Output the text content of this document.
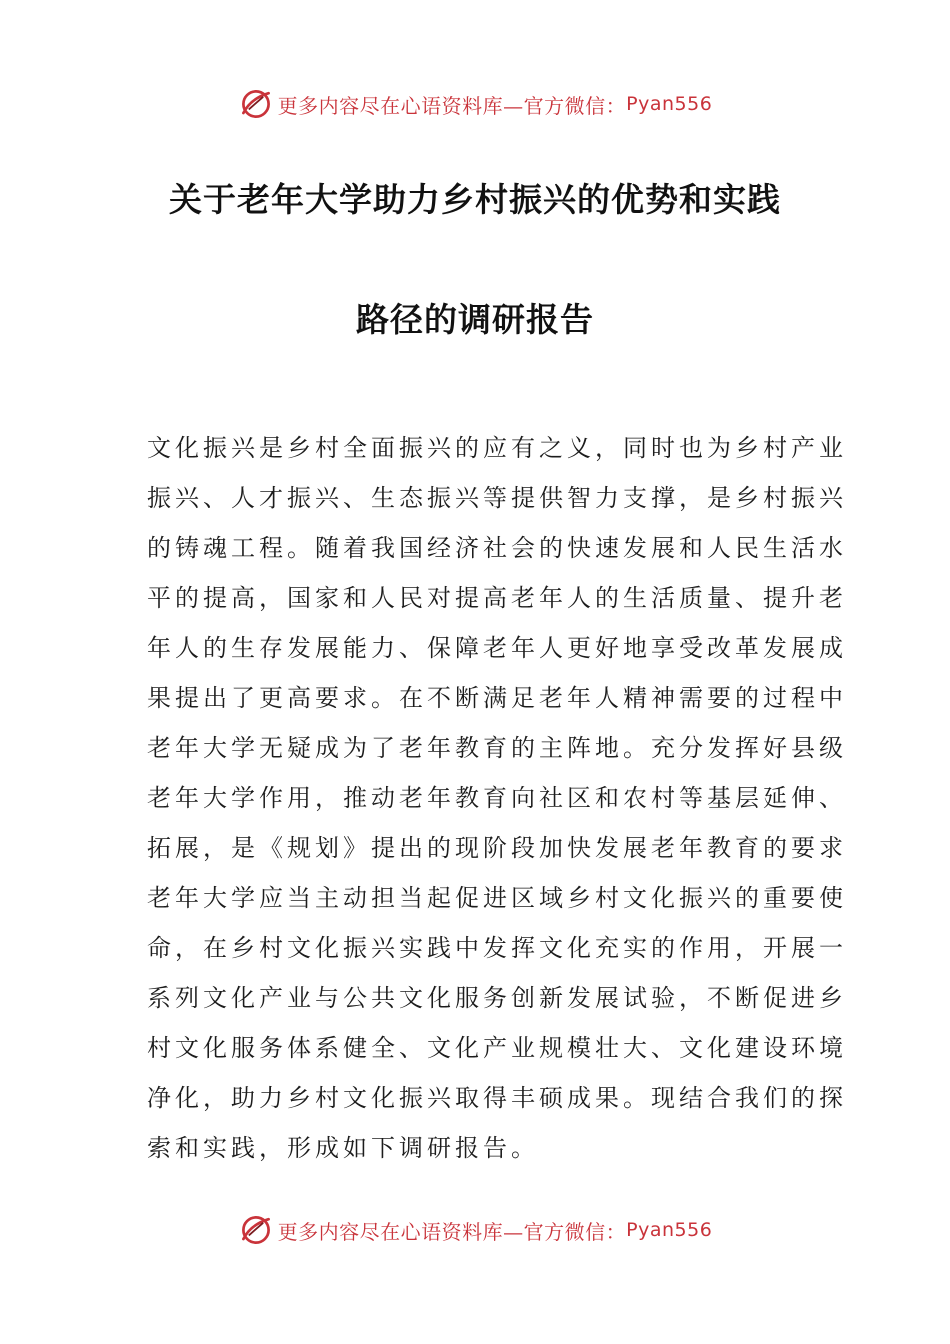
更多内容尽在心语资料库—官方微信： Pyan556
关于老年大学助力乡村振兴的优势和实践
路径的调研报告
文化振兴是乡村全面振兴的应有之义，同时也为乡村产业
振兴、人才振兴、生态振兴等提供智力支撑，是乡村振兴
的铸魂工程。随着我国经济社会的快速发展和人民生活水
平的提高，国家和人民对提高老年人的生活质量、提升老
年人的生存发展能力、保障老年人更好地享受改革发展成
果提出了更高要求。在不断满足老年人精神需要的过程中
老年大学无疑成为了老年教育的主阵地。充分发挥好县级
老年大学作用，推动老年教育向社区和农村等基层延伸、
拓展，是《规划》提出的现阶段加快发展老年教育的要求
老年大学应当主动担当起促进区域乡村文化振兴的重要使
命，在乡村文化振兴实践中发挥文化充实的作用，开展一
系列文化产业与公共文化服务创新发展试验，不断促进乡
村文化服务体系健全、文化产业规模壮大、文化建设环境
净化，助力乡村文化振兴取得丰硕成果。现结合我们的探
索和实践，形成如下调研报告。
更多内容尽在心语资料库—官方微信： Pyan556
